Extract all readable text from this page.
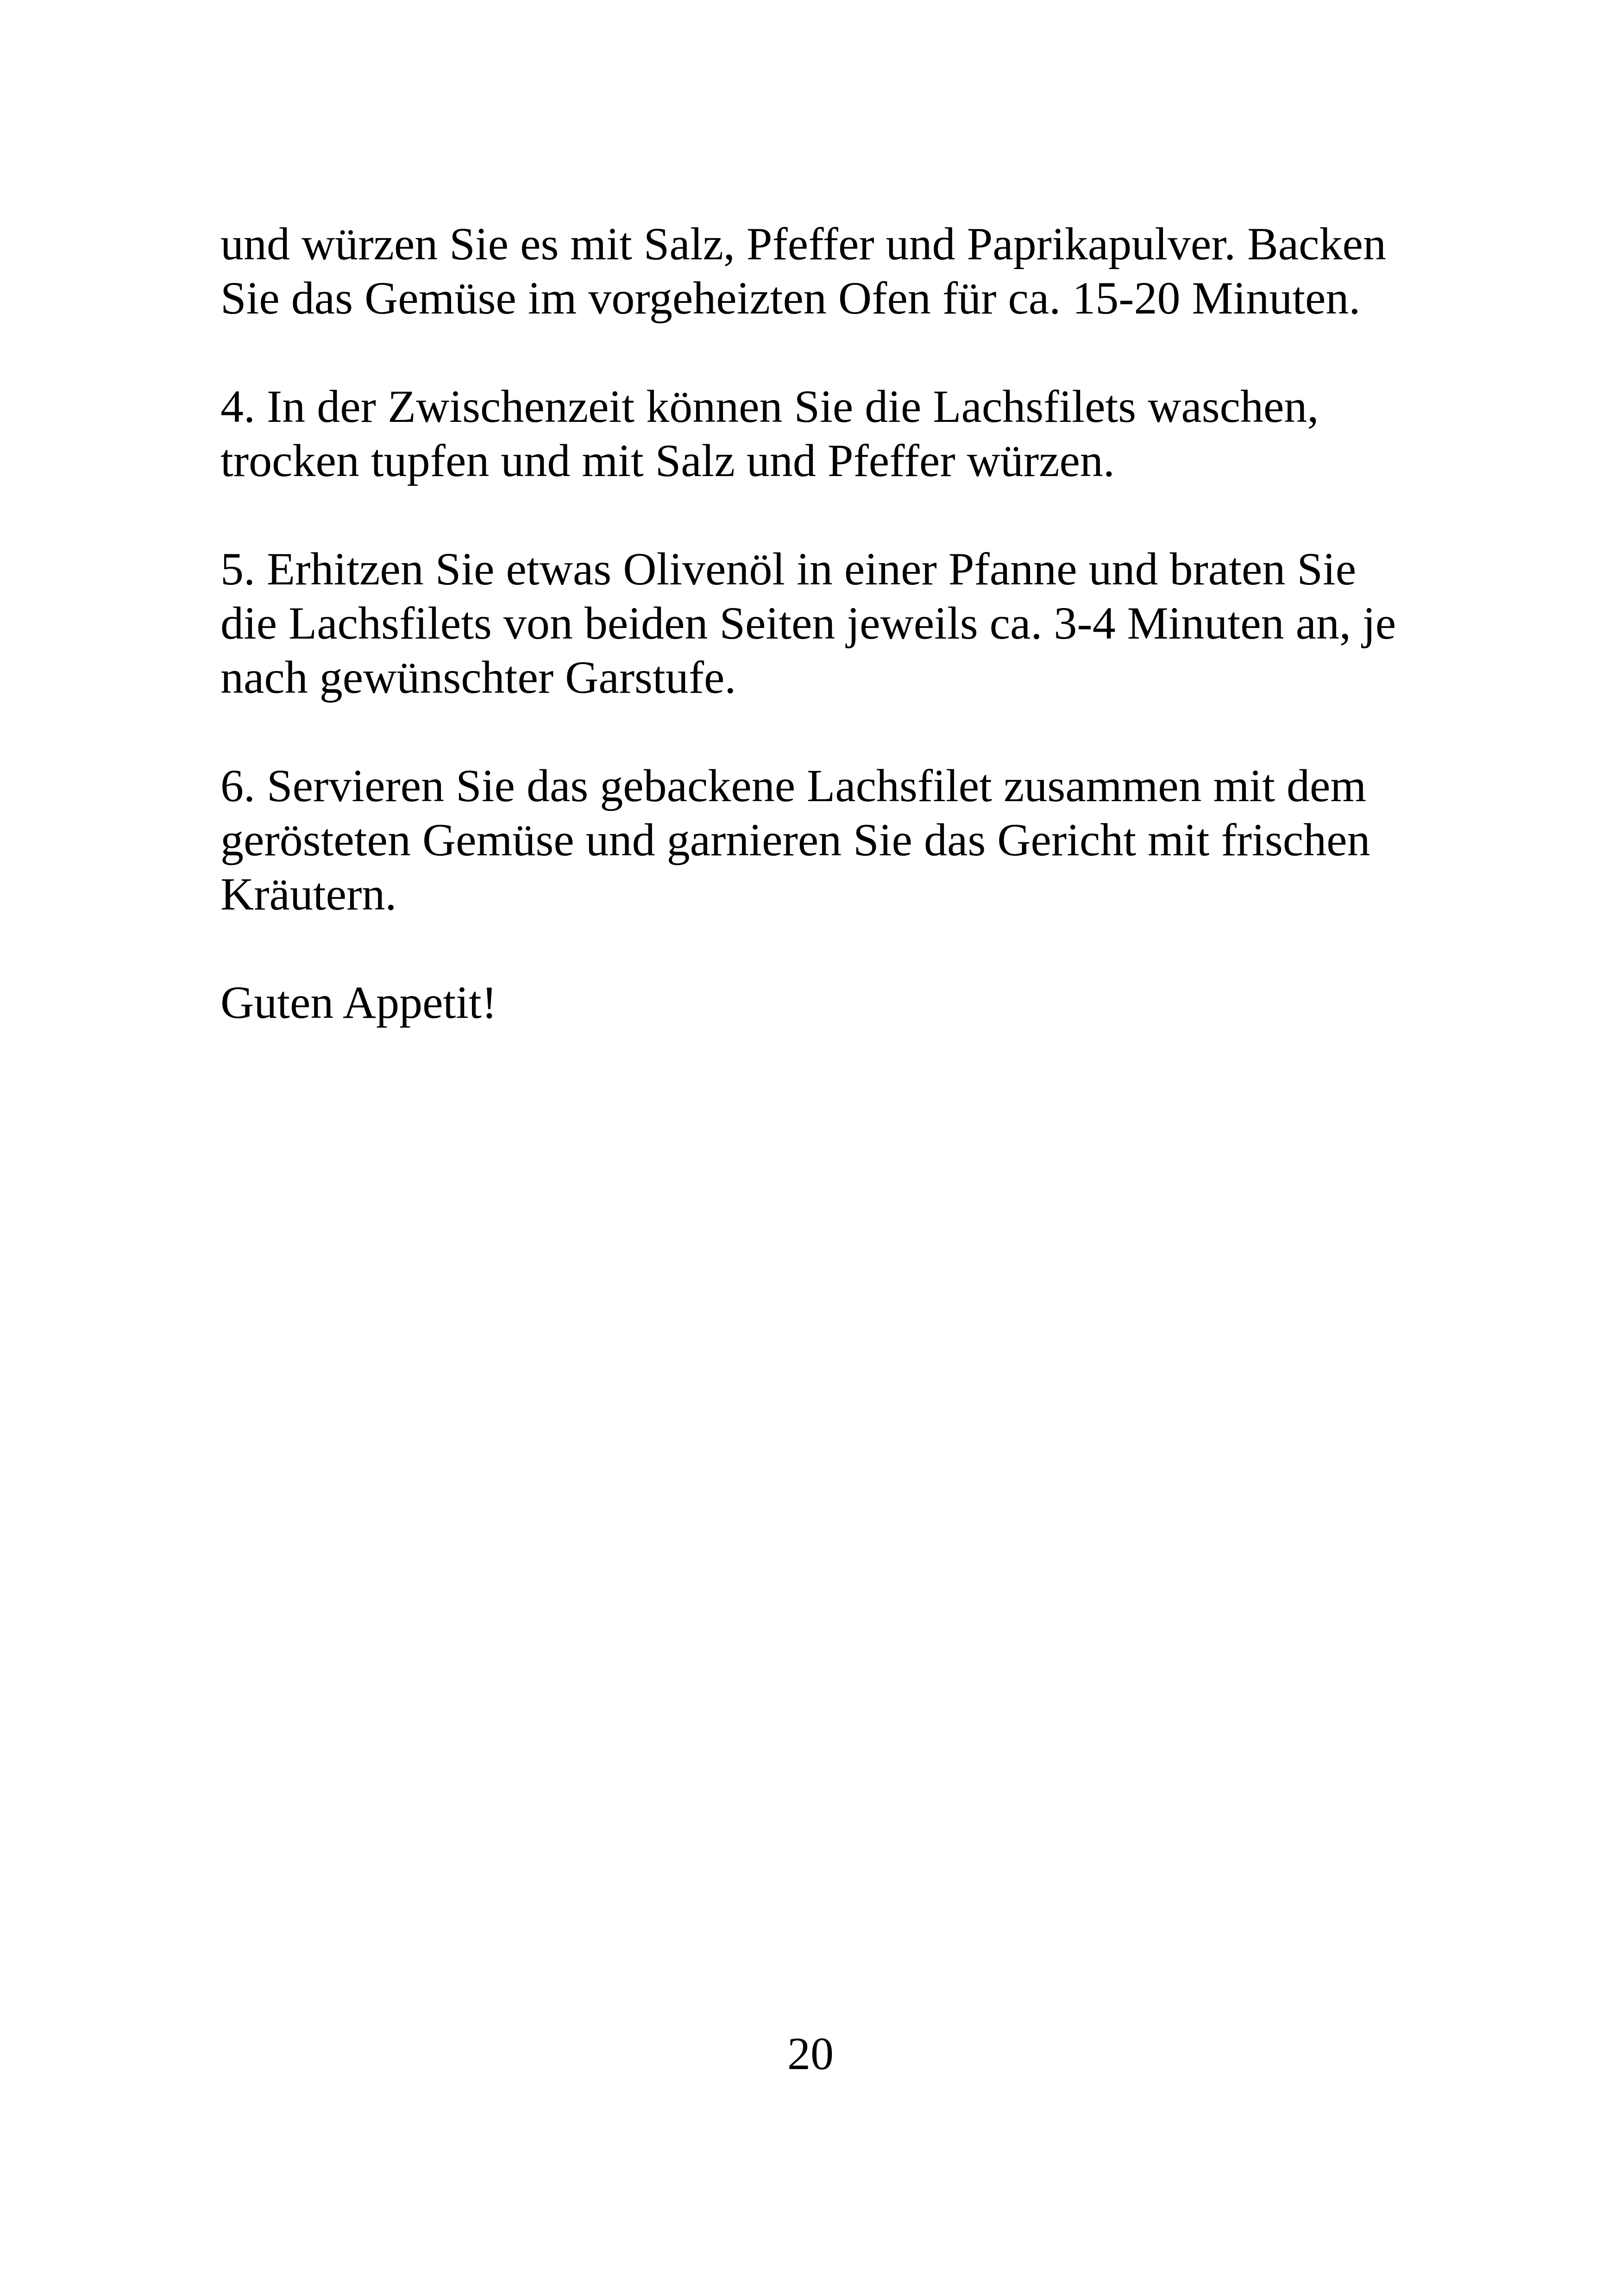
und würzen Sie es mit Salz, Pfeffer und Paprikapulver. Backen
Sie das Gemüse im vorgeheizten Ofen für ca. 15-20 Minuten.

4. In der Zwischenzeit können Sie die Lachsfilets waschen,
trocken tupfen und mit Salz und Pfeffer würzen.

5. Erhitzen Sie etwas Olivenöl in einer Pfanne und braten Sie
die Lachsfilets von beiden Seiten jeweils ca. 3-4 Minuten an, je
nach gewünschter Garstufe.

6. Servieren Sie das gebackene Lachsfilet zusammen mit dem
gerösteten Gemüse und garnieren Sie das Gericht mit frischen
Kräutern.

Guten Appetit!

20
